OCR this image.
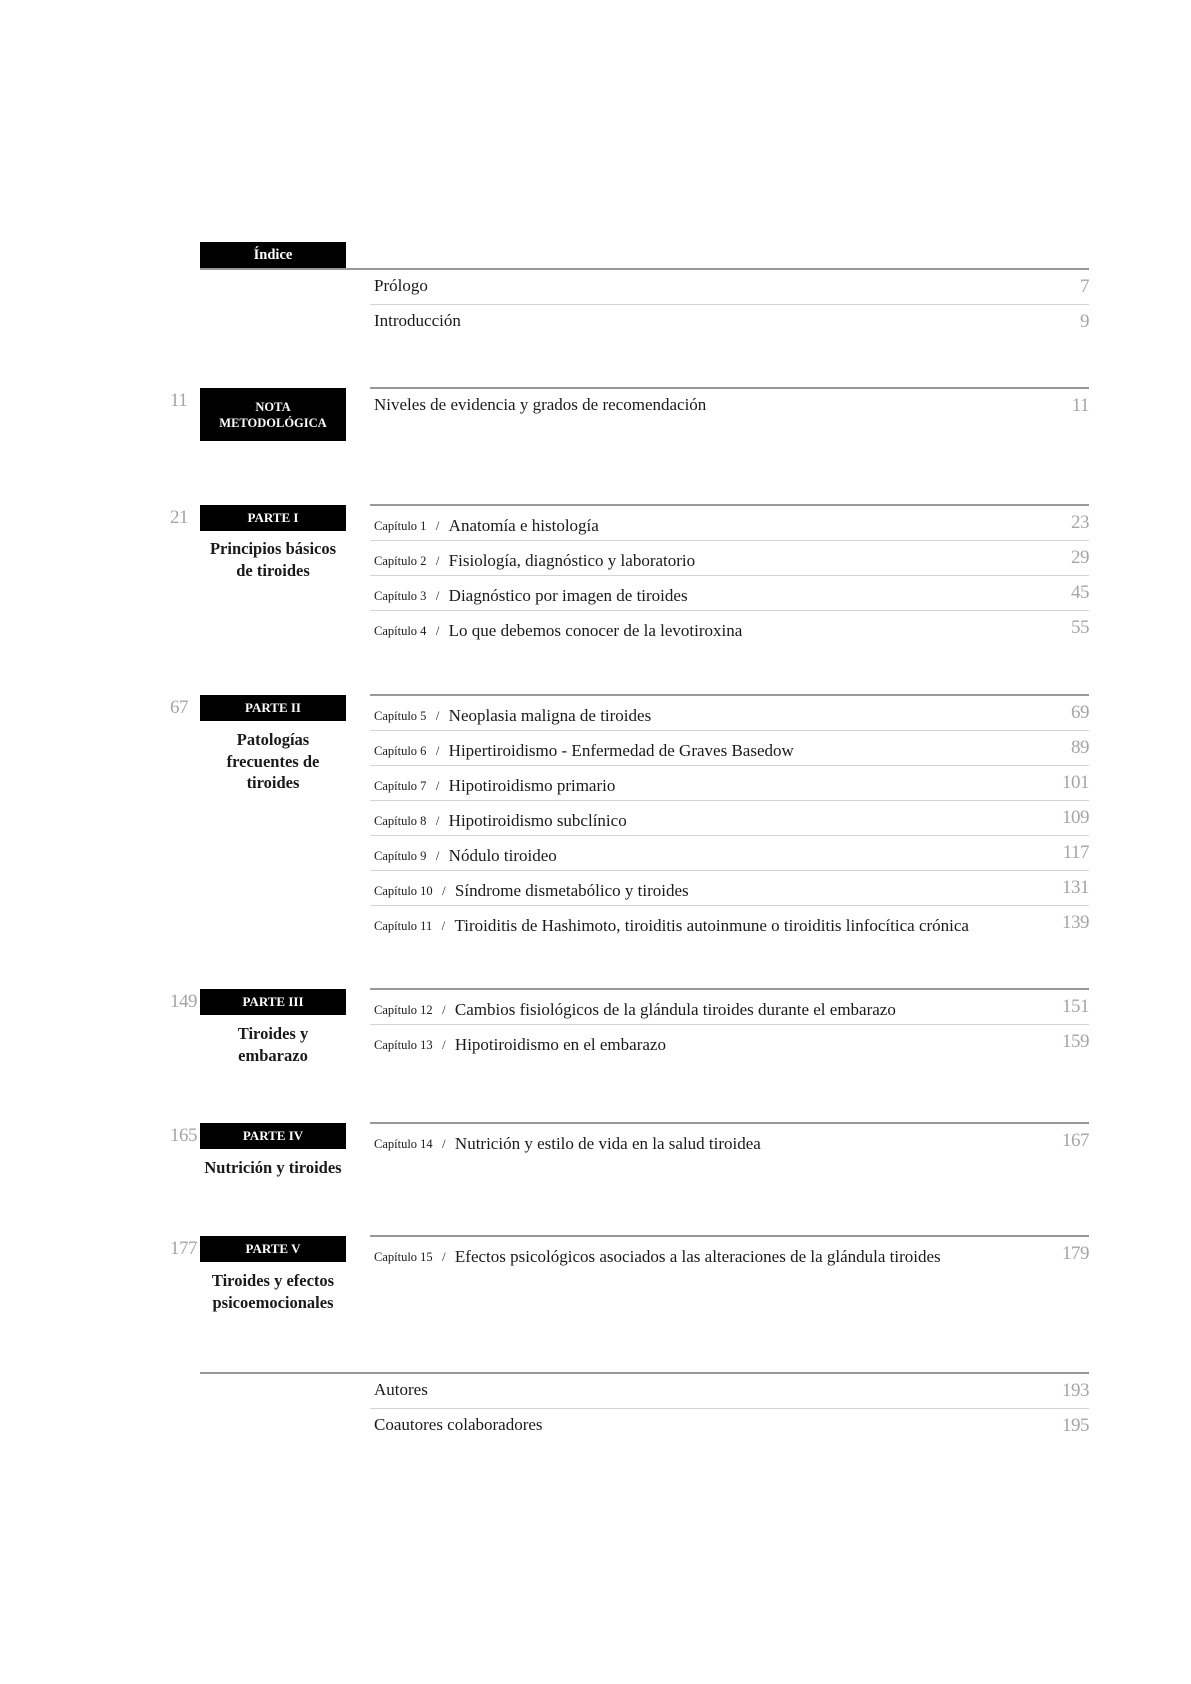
Índice
Prólogo	7
Introducción	9
11	NOTA
METODOLÓGICA
Niveles de evidencia y grados de recomendación	11
21	PARTE I
Principios básicos
de tiroides
Capítulo 1 / Anatomía e histología	23
Capítulo 2 / Fisiología, diagnóstico y laboratorio	29
Capítulo 3 / Diagnóstico por imagen de tiroides	45
Capítulo 4 / Lo que debemos conocer de la levotiroxina	55
67	PARTE II
Patologías
frecuentes de
tiroides
Capítulo 5 / Neoplasia maligna de tiroides	69
Capítulo 6 / Hipertiroidismo - Enfermedad de Graves Basedow	89
Capítulo 7 / Hipotiroidismo primario	101
Capítulo 8 / Hipotiroidismo subclínico	109
Capítulo 9 / Nódulo tiroideo	117
Capítulo 10 / Síndrome dismetabólico y tiroides	131
Capítulo 11 / Tiroiditis de Hashimoto, tiroiditis autoinmune o tiroiditis linfocítica crónica	139
149	PARTE III
Tiroides y
embarazo
Capítulo 12 / Cambios fisiológicos de la glándula tiroides durante el embarazo	151
Capítulo 13 / Hipotiroidismo en el embarazo	159
165	PARTE IV
Nutrición y tiroides
Capítulo 14 / Nutrición y estilo de vida en la salud tiroidea	167
177	PARTE V
Tiroides y efectos
psicoemocionales
Capítulo 15 / Efectos psicológicos asociados a las alteraciones de la glándula tiroides	179
Autores	193
Coautores colaboradores	195
